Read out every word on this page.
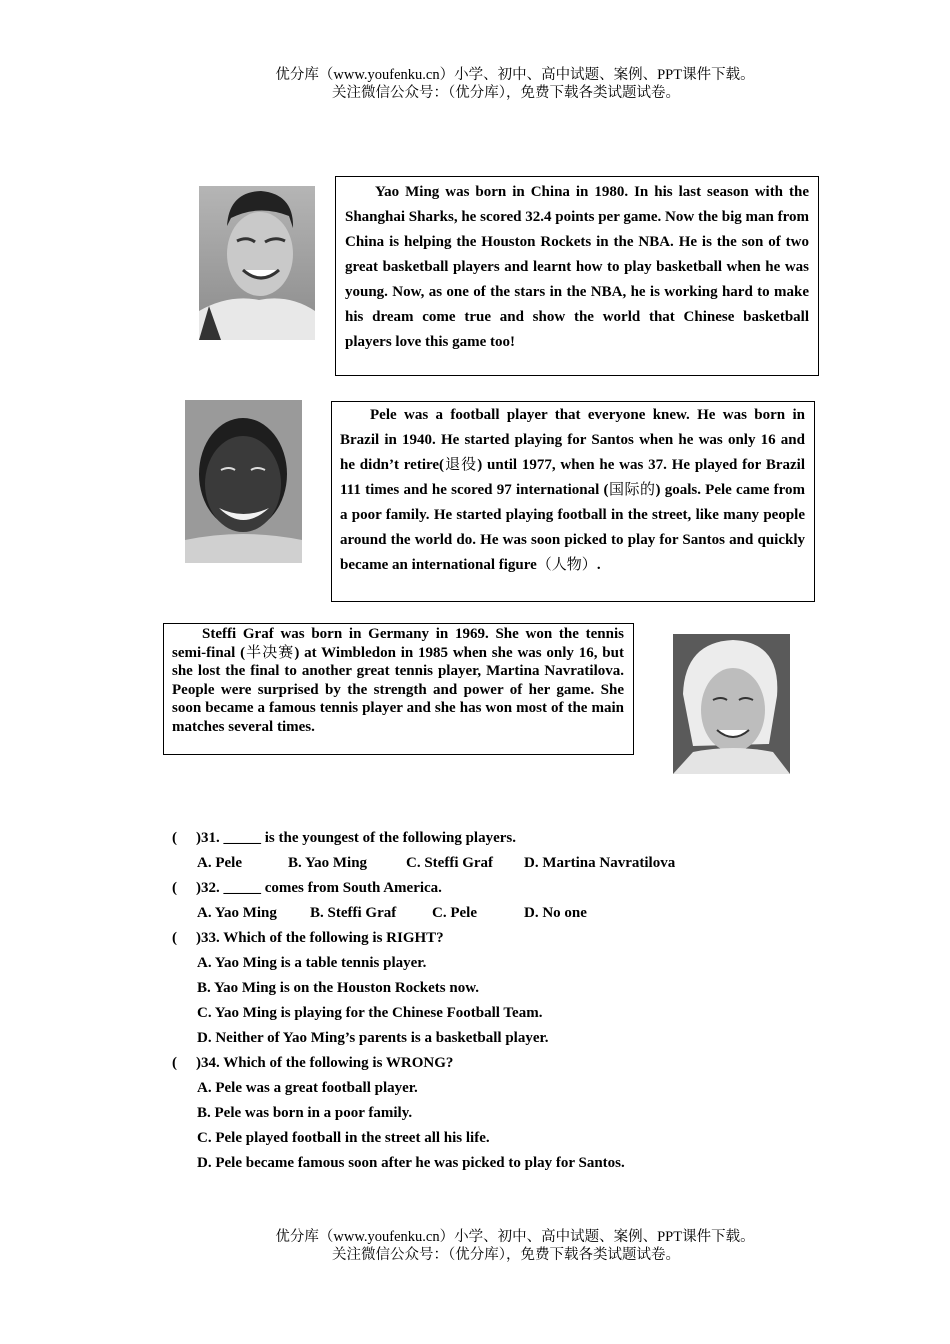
优分库（www.youfenku.cn）小学、初中、高中试题、案例、PPT课件下载。
关注微信公众号：（优分库），免费下载各类试题试卷。

Yao Ming was born in China in 1980. In his last season with the Shanghai Sharks, he scored 32.4 points per game. Now the big man from China is helping the Houston Rockets in the NBA. He is the son of two great basketball players and learnt how to play basketball when he was young. Now, as one of the stars in the NBA, he is working hard to make his dream come true and show the world that Chinese basketball players love this game too!

Pele was a football player that everyone knew. He was born in Brazil in 1940. He started playing for Santos when he was only 16 and he didn’t retire(退役) until 1977, when he was 37. He played for Brazil 111 times and he scored 97 international (国际的) goals. Pele came from a poor family. He started playing football in the street, like many people around the world do. He was soon picked to play for Santos and quickly became an international figure（人物）.

Steffi Graf was born in Germany in 1969. She won the tennis semi-final (半决赛) at Wimbledon in 1985 when she was only 16, but she lost the final to another great tennis player, Martina Navratilova. People were surprised by the strength and power of her game. She soon became a famous tennis player and she has won most of the main matches several times.

( )31. _____ is the youngest of the following players.
A. Pele	B. Yao Ming	C. Steffi Graf D. Martina Navratilova
( )32. _____ comes from South America.
A. Yao Ming B. Steffi Graf C. Pele	D. No one
( )33. Which of the following is RIGHT?
A. Yao Ming is a table tennis player.
B. Yao Ming is on the Houston Rockets now.
C. Yao Ming is playing for the Chinese Football Team.
D. Neither of Yao Ming’s parents is a basketball player.
( )34. Which of the following is WRONG?
A. Pele was a great football player.
B. Pele was born in a poor family.
C. Pele played football in the street all his life.
D. Pele became famous soon after he was picked to play for Santos.
优分库（www.youfenku.cn）小学、初中、高中试题、案例、PPT课件下载。
关注微信公众号：（优分库），免费下载各类试题试卷。
